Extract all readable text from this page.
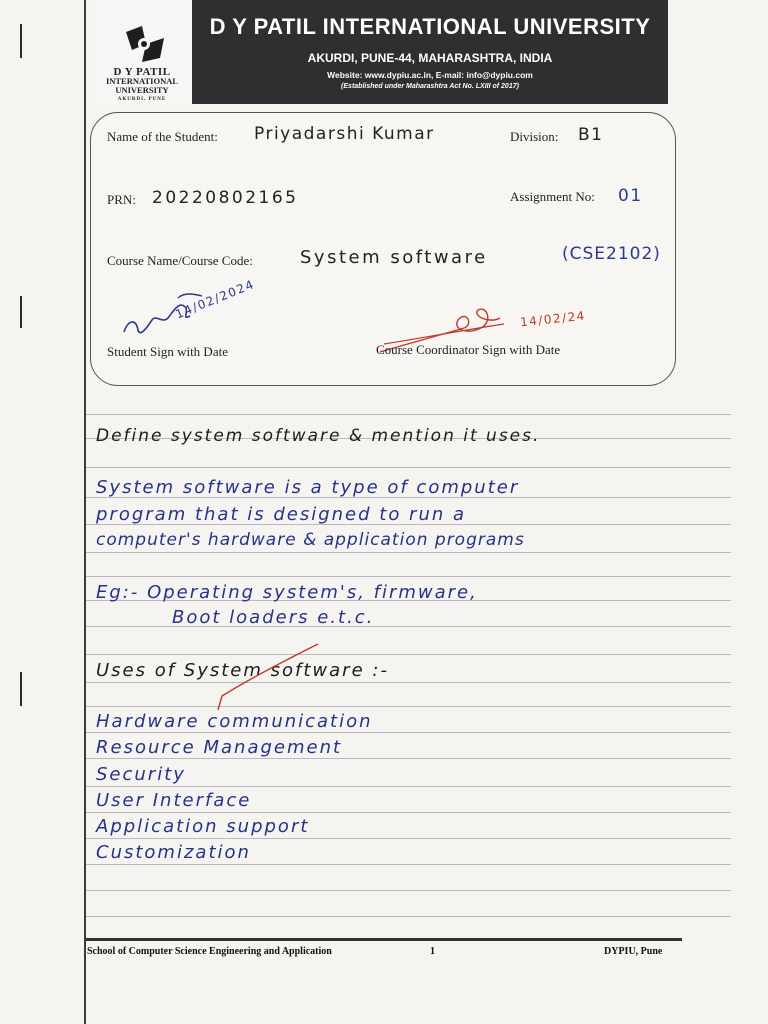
D Y PATIL
INTERNATIONAL
UNIVERSITY
AKURDI, PUNE
D Y PATIL INTERNATIONAL UNIVERSITY
AKURDI, PUNE-44, MAHARASHTRA, INDIA
Website: www.dypiu.ac.in, E-mail: info@dypiu.com
(Established under Maharashtra Act No. LXIII of 2017)
Name of the Student: Priyadarshi Kumar	Division: B1
PRN: 20220802165	Assignment No: 01
Course Name/Course Code:	System software	(CSE2102)
14/02/2024
Student Sign with Date
14/02/24
Course Coordinator Sign with Date
Define system software & mention it uses.
System software is a type of computer
program that is designed to run a
computer's hardware & application programs
Eg:- Operating system's, firmware,
Boot loaders e.t.c.
Uses of System software :-
Hardware communication
Resource Management
Security
User Interface
Application support
Customization
School of Computer Science Engineering and Application	1	DYPIU, Pune
